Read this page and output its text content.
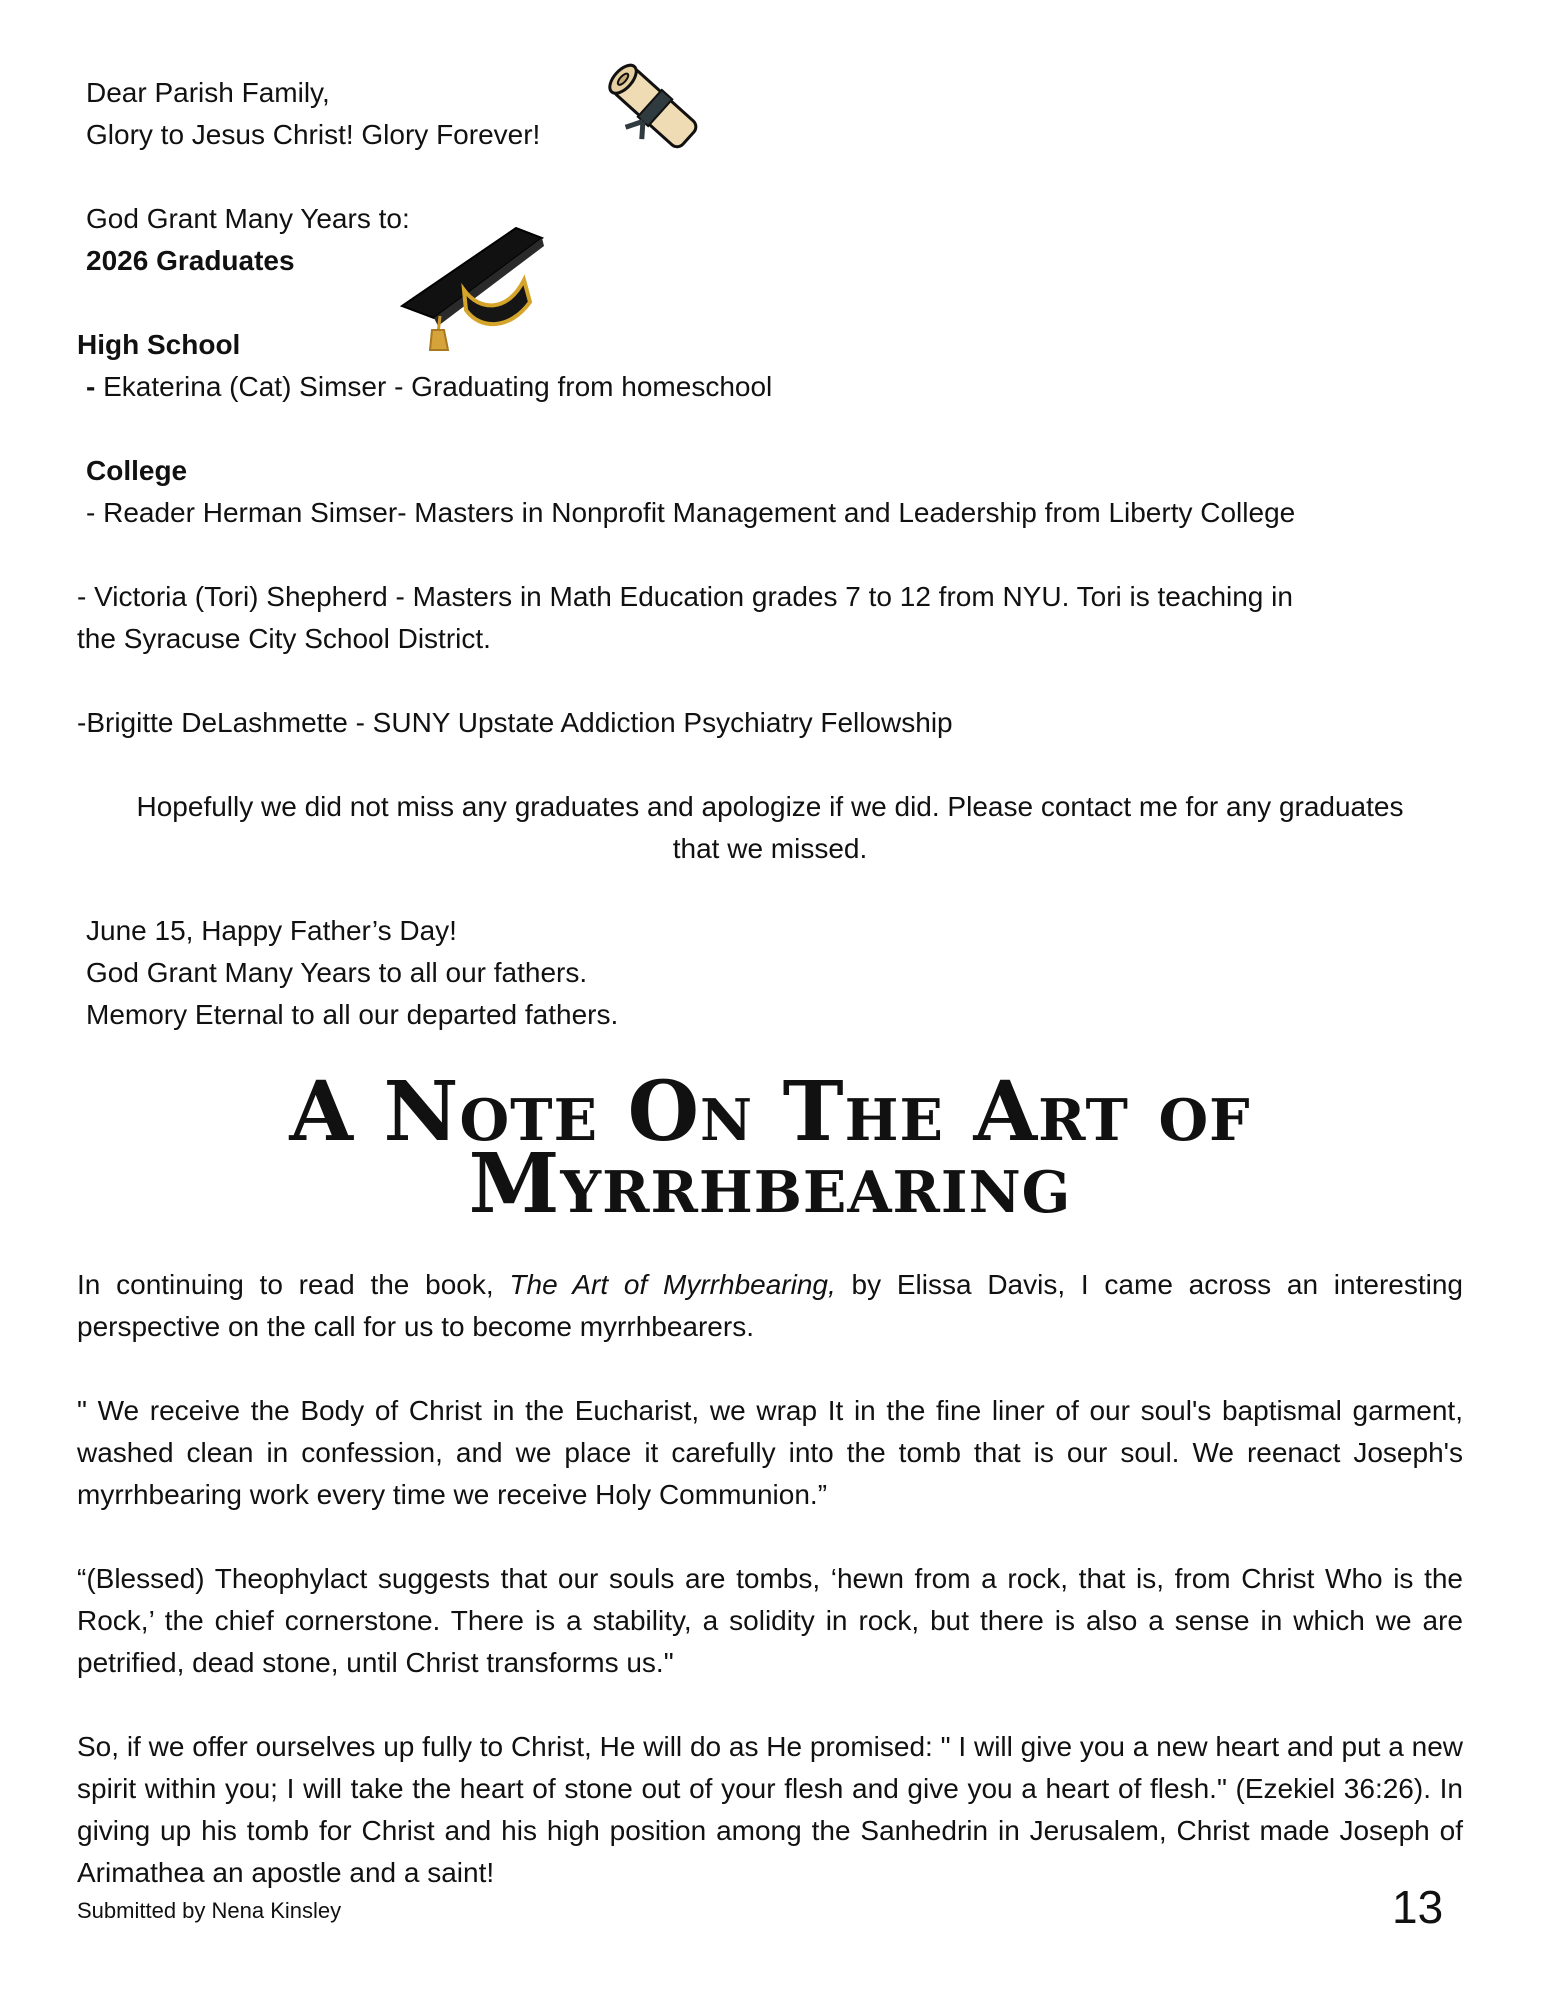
Dear Parish Family,
Glory to Jesus Christ! Glory Forever!
God Grant Many Years to:
2026 Graduates
High School
- Ekaterina (Cat) Simser - Graduating from homeschool
College
- Reader Herman Simser- Masters in Nonprofit Management and Leadership from Liberty College
- Victoria (Tori) Shepherd - Masters in Math Education grades 7 to 12 from NYU. Tori is teaching in
the Syracuse City School District.
-Brigitte DeLashmette - SUNY Upstate Addiction Psychiatry Fellowship
Hopefully we did not miss any graduates and apologize if we did. Please contact me for any graduates that we missed.
June 15, Happy Father’s Day!
God Grant Many Years to all our fathers.
Memory Eternal to all our departed fathers.
A Note On The Art of Myrrhbearing
In continuing to read the book, The Art of Myrrhbearing, by Elissa Davis, I came across an interesting perspective on the call for us to become myrrhbearers.
" We receive the Body of Christ in the Eucharist, we wrap It in the fine liner of our soul's baptismal garment, washed clean in confession, and we place it carefully into the tomb that is our soul. We reenact Joseph's myrrhbearing work every time we receive Holy Communion.”
“(Blessed) Theophylact suggests that our souls are tombs, ‘hewn from a rock, that is, from Christ Who is the Rock,’ the chief cornerstone. There is a stability, a solidity in rock, but there is also a sense in which we are petrified, dead stone, until Christ transforms us."
So, if we offer ourselves up fully to Christ, He will do as He promised: " I will give you a new heart and put a new spirit within you; I will take the heart of stone out of your flesh and give you a heart of flesh." (Ezekiel 36:26). In giving up his tomb for Christ and his high position among the Sanhedrin in Jerusalem, Christ made Joseph of Arimathea an apostle and a saint!
Submitted by Nena Kinsley	13
